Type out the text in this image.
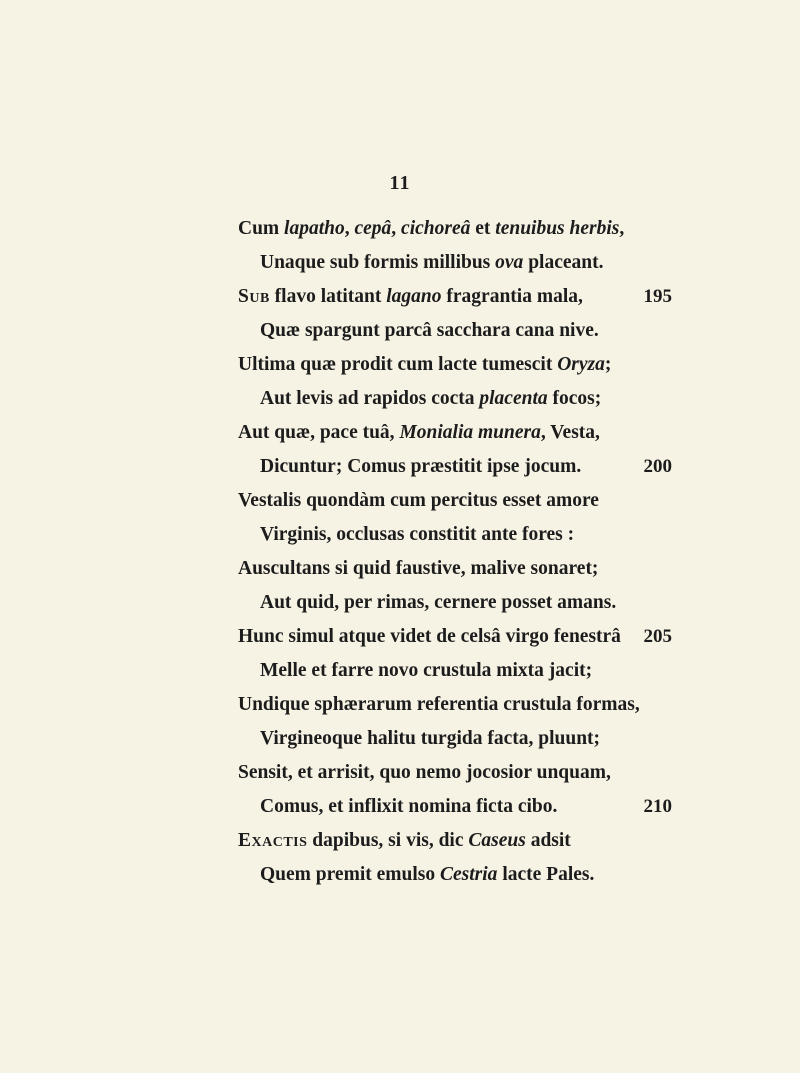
11
Cum lapatho, cepâ, cichoreâ et tenuibus herbis,
Unaque sub formis millibus ova placeant.
Sub flavo latitant lagano fragrantia mala,	195
Quæ spargunt parcâ sacchara cana nive.
Ultima quæ prodit cum lacte tumescit Oryza;
Aut levis ad rapidos cocta placenta focos;
Aut quæ, pace tuâ, Monialia munera, Vesta,
Dicuntur; Comus præstitit ipse jocum.	200
Vestalis quondàm cum percitus esset amore
Virginis, occlusas constitit ante fores :
Auscultans si quid faustive, malive sonaret;
Aut quid, per rimas, cernere posset amans.
Hunc simul atque videt de celsâ virgo fenestrâ	205
Melle et farre novo crustula mixta jacit;
Undique sphærarum referentia crustula formas,
Virgineoque halitu turgida facta, pluunt;
Sensit, et arrisit, quo nemo jocosior unquam,
Comus, et inflixit nomina ficta cibo.	210
Exactis dapibus, si vis, dic Caseus adsit
Quem premit emulso Cestria lacte Pales.
